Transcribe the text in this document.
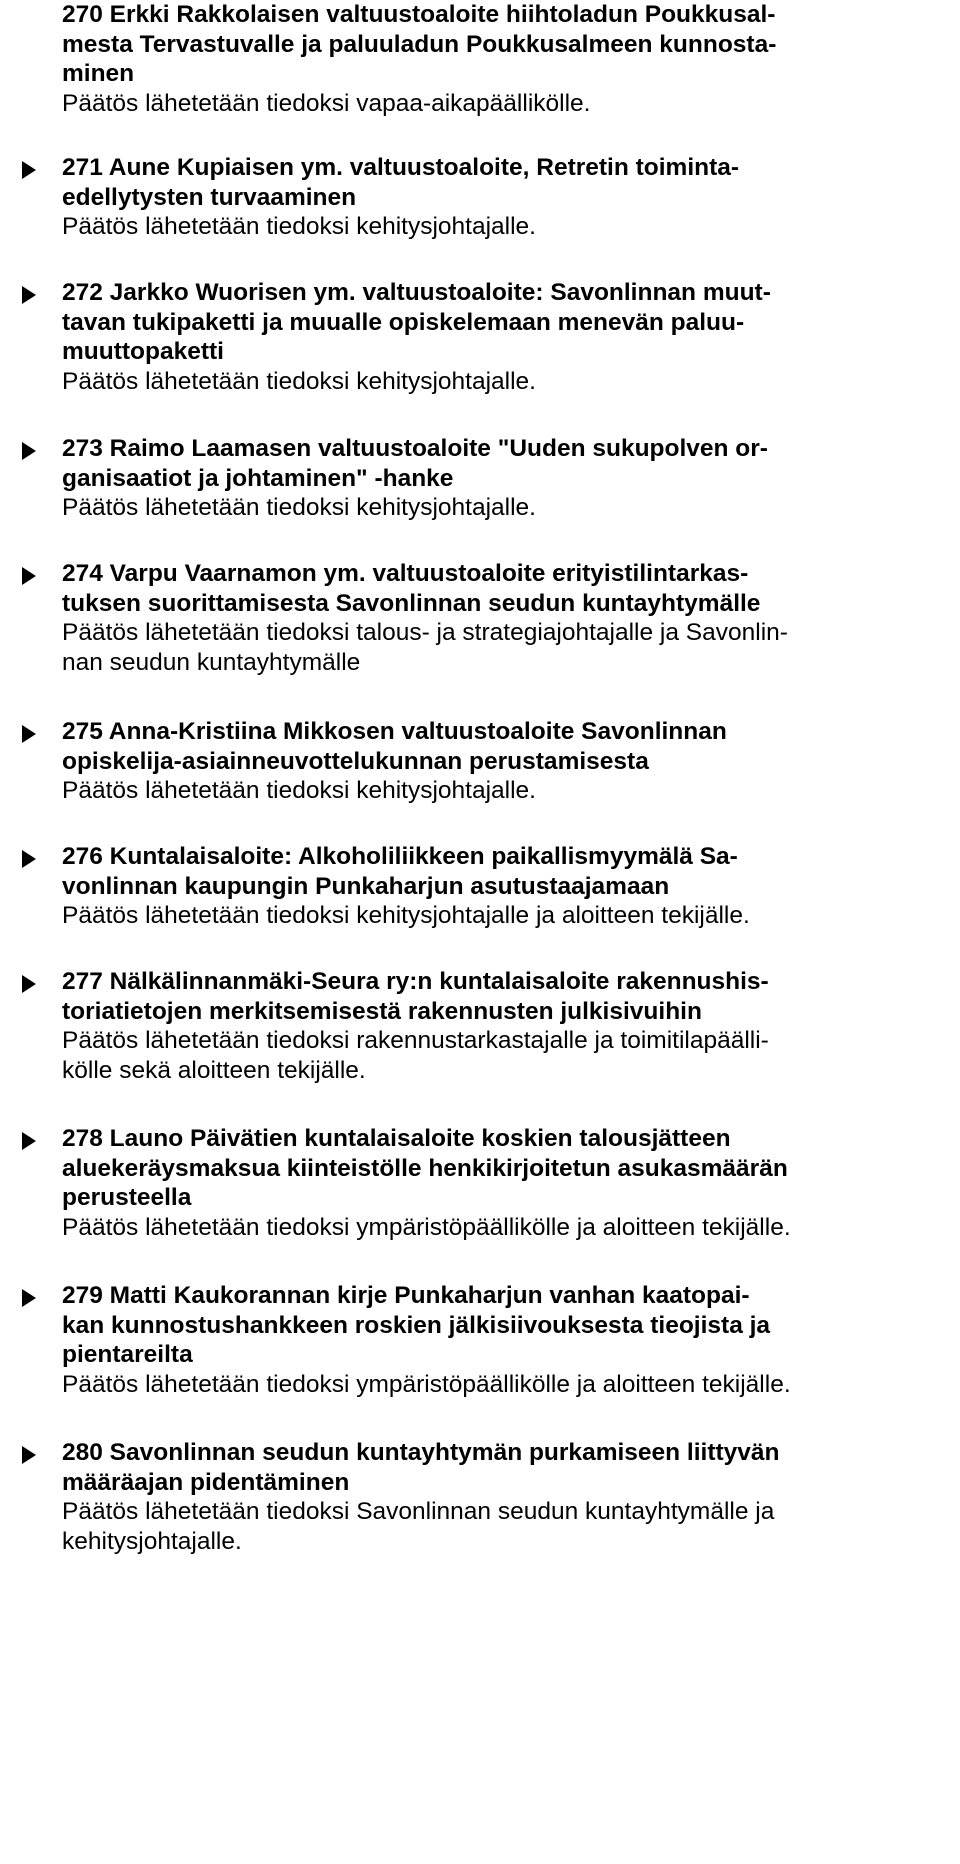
270 Erkki Rakkolaisen valtuustoaloite hiihtoladun Poukkusal-
mesta Tervastuvalle ja paluuladun Poukkusalmeen kunnosta-
minen
Päätös lähetetään tiedoksi vapaa-aikapäällikölle.
271 Aune Kupiaisen ym. valtuustoaloite, Retretin toiminta-
edellytysten turvaaminen
Päätös lähetetään tiedoksi kehitysjohtajalle.
272 Jarkko Wuorisen ym. valtuustoaloite: Savonlinnan muut-
tavan tukipaketti ja muualle opiskelemaan menevän paluu-
muuttopaketti
Päätös lähetetään tiedoksi kehitysjohtajalle.
273 Raimo Laamasen valtuustoaloite "Uuden sukupolven or-
ganisaatiot ja johtaminen" -hanke
Päätös lähetetään tiedoksi kehitysjohtajalle.
274 Varpu Vaarnamon ym. valtuustoaloite erityistilintarkas-
tuksen suorittamisesta Savonlinnan seudun kuntayhtymälle
Päätös lähetetään tiedoksi talous- ja strategiajohtajalle ja Savonlin-
nan seudun kuntayhtymälle
275 Anna-Kristiina Mikkosen valtuustoaloite Savonlinnan
opiskelija-asiainneuvottelukunnan perustamisesta
Päätös lähetetään tiedoksi kehitysjohtajalle.
276 Kuntalaisaloite: Alkoholiliikkeen paikallismyymälä Sa-
vonlinnan kaupungin Punkaharjun asutustaajamaan
Päätös lähetetään tiedoksi kehitysjohtajalle ja aloitteen tekijälle.
277 Nälkälinnanmäki-Seura ry:n kuntalaisaloite rakennushis-
toriatietojen merkitsemisestä rakennusten julkisivuihin
Päätös lähetetään tiedoksi rakennustarkastajalle ja toimitilapäälli-
kölle sekä aloitteen tekijälle.
278 Launo Päivätien kuntalaisaloite koskien talousjätteen
aluekeräysmaksua kiinteistölle henkikirjoitetun asukasmäärän
perusteella
Päätös lähetetään tiedoksi ympäristöpäällikölle ja aloitteen tekijälle.
279 Matti Kaukorannan kirje Punkaharjun vanhan kaatopai-
kan kunnostushankkeen roskien jälkisiivouksesta tieojista ja
pientareilta
Päätös lähetetään tiedoksi ympäristöpäällikölle ja aloitteen tekijälle.
280 Savonlinnan seudun kuntayhtymän purkamiseen liittyvän
määräajan pidentäminen
Päätös lähetetään tiedoksi Savonlinnan seudun kuntayhtymälle ja
kehitysjohtajalle.
